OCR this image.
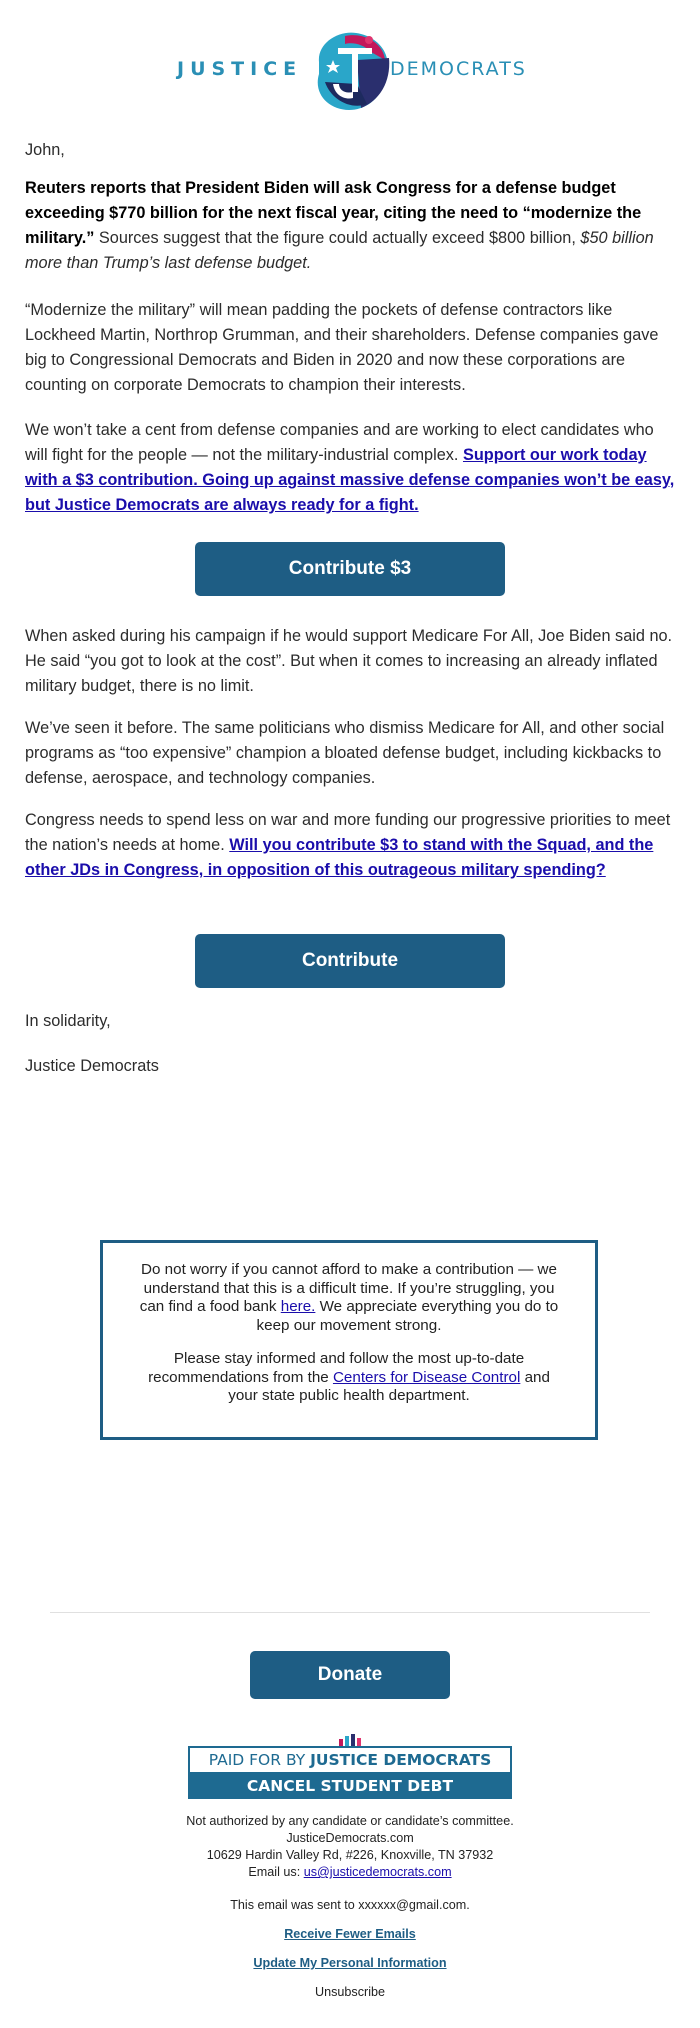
JUSTICE	DEMOCRATS

John,

Reuters reports that President Biden will ask Congress for a defense budget exceeding $770 billion for the next fiscal year, citing the need to “modernize the military.” Sources suggest that the figure could actually exceed $800 billion, $50 billion more than Trump’s last defense budget.

“Modernize the military” will mean padding the pockets of defense contractors like Lockheed Martin, Northrop Grumman, and their shareholders. Defense companies gave big to Congressional Democrats and Biden in 2020 and now these corporations are counting on corporate Democrats to champion their interests.

We won’t take a cent from defense companies and are working to elect candidates who will fight for the people — not the military-industrial complex. Support our work today with a $3 contribution. Going up against massive defense companies won’t be easy, but Justice Democrats are always ready for a fight.

Contribute $3

When asked during his campaign if he would support Medicare For All, Joe Biden said no. He said “you got to look at the cost”. But when it comes to increasing an already inflated military budget, there is no limit.

We’ve seen it before. The same politicians who dismiss Medicare for All, and other social programs as “too expensive” champion a bloated defense budget, including kickbacks to defense, aerospace, and technology companies.

Congress needs to spend less on war and more funding our progressive priorities to meet the nation’s needs at home. Will you contribute $3 to stand with the Squad, and the other JDs in Congress, in opposition of this outrageous military spending?

Contribute

In solidarity,

Justice Democrats

Do not worry if you cannot afford to make a contribution — we understand that this is a difficult time. If you’re struggling, you can find a food bank here. We appreciate everything you do to keep our movement strong.

Please stay informed and follow the most up-to-date recommendations from the Centers for Disease Control and your state public health department.

Donate
PAID FOR BY JUSTICE DEMOCRATS
CANCEL STUDENT DEBT
Not authorized by any candidate or candidate’s committee.
JusticeDemocrats.com
10629 Hardin Valley Rd, #226, Knoxville, TN 37932
Email us: us@justicedemocrats.com
This email was sent to xxxxxx@gmail.com.
Receive Fewer Emails
Update My Personal Information
Unsubscribe
